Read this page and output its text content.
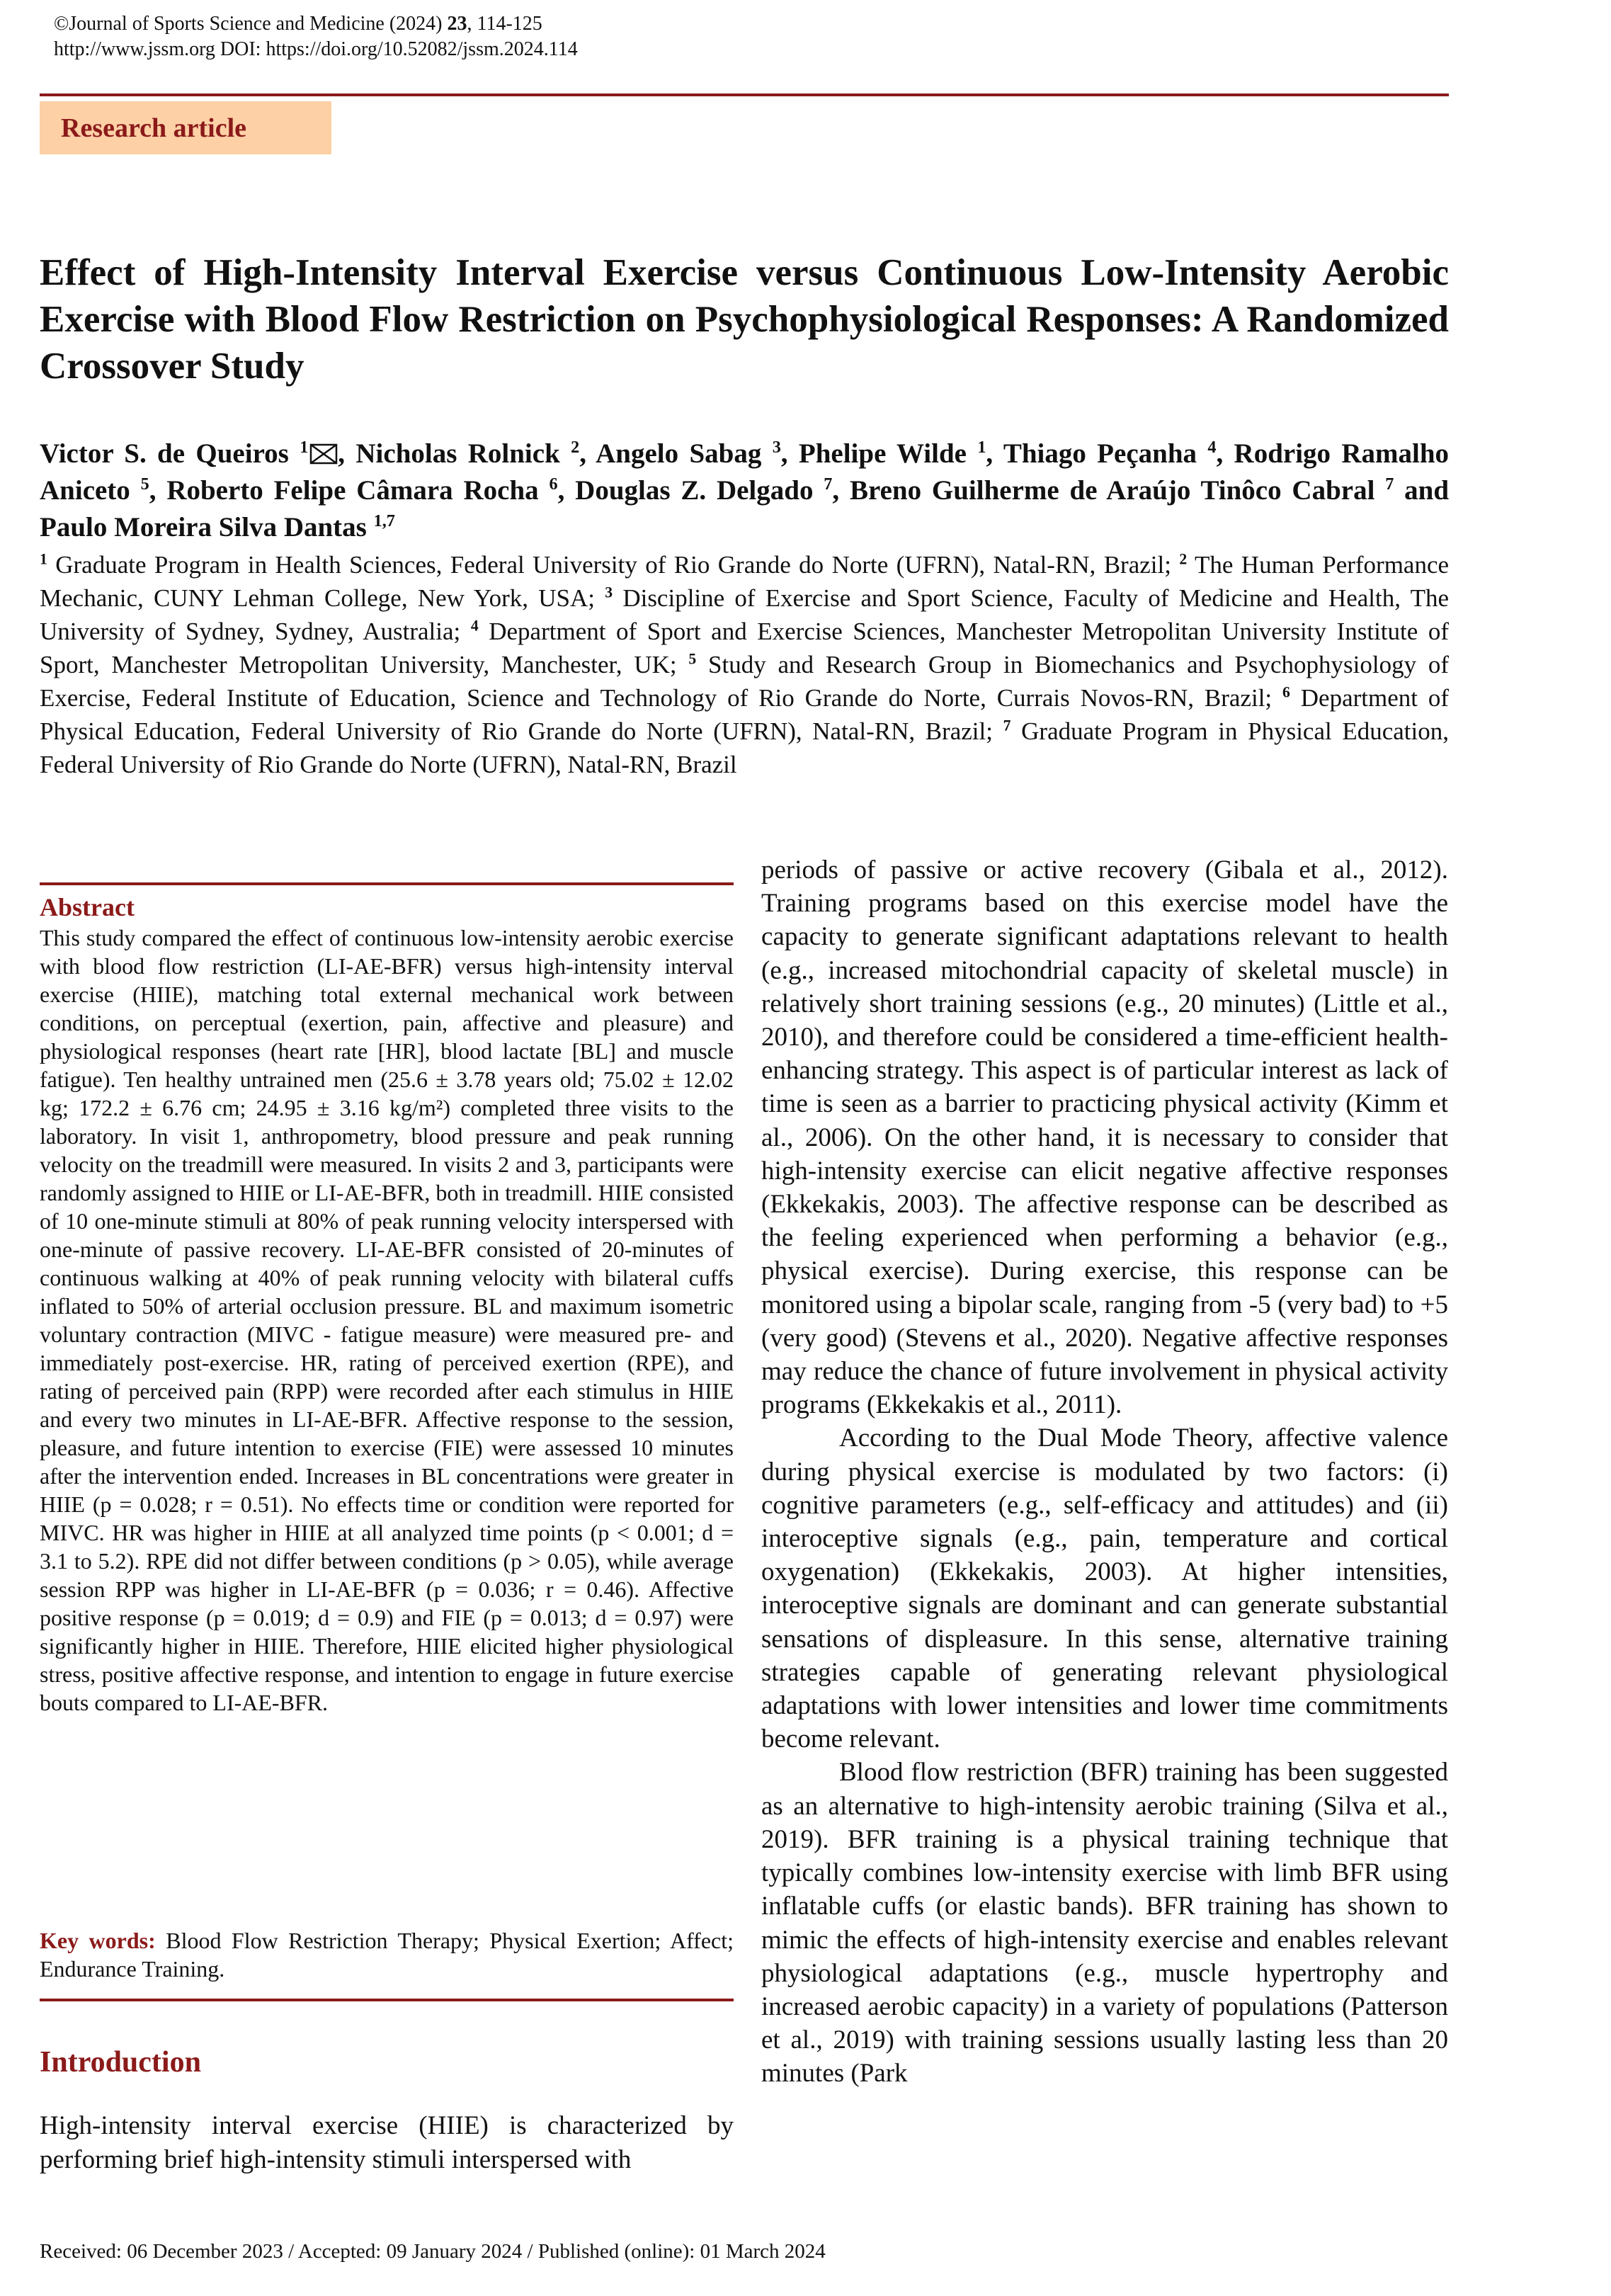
©Journal of Sports Science and Medicine (2024) 23, 114-125
http://www.jssm.org DOI: https://doi.org/10.52082/jssm.2024.114
Research article
Effect of High-Intensity Interval Exercise versus Continuous Low-Intensity Aerobic Exercise with Blood Flow Restriction on Psychophysiological Responses: A Randomized Crossover Study
Victor S. de Queiros $^1$ , Nicholas Rolnick $^2$, Angelo Sabag $^3$, Phelipe Wilde $^1$, Thiago Peçanha $^4$, Rodrigo Ramalho Aniceto $^5$, Roberto Felipe Câmara Rocha $^6$, Douglas Z. Delgado $^7$, Breno Guilherme de Araújo Tinôco Cabral $^7$ and Paulo Moreira Silva Dantas $^{1,7}$
$^1$ Graduate Program in Health Sciences, Federal University of Rio Grande do Norte (UFRN), Natal-RN, Brazil; $^2$ The Human Performance Mechanic, CUNY Lehman College, New York, USA; $^3$ Discipline of Exercise and Sport Science, Faculty of Medicine and Health, The University of Sydney, Sydney, Australia; $^4$ Department of Sport and Exercise Sciences, Manchester Metropolitan University Institute of Sport, Manchester Metropolitan University, Manchester, UK; $^5$ Study and Research Group in Biomechanics and Psychophysiology of Exercise, Federal Institute of Education, Science and Technology of Rio Grande do Norte, Currais Novos-RN, Brazil; $^6$ Department of Physical Education, Federal University of Rio Grande do Norte (UFRN), Natal-RN, Brazil; $^7$ Graduate Program in Physical Education, Federal University of Rio Grande do Norte (UFRN), Natal-RN, Brazil
Abstract
This study compared the effect of continuous low-intensity aerobic exercise with blood flow restriction (LI-AE-BFR) versus high-intensity interval exercise (HIIE), matching total external mechanical work between conditions, on perceptual (exertion, pain, affective and pleasure) and physiological responses (heart rate [HR], blood lactate [BL] and muscle fatigue). Ten healthy untrained men (25.6 ± 3.78 years old; 75.02 ± 12.02 kg; 172.2 ± 6.76 cm; 24.95 ± 3.16 kg/m²) completed three visits to the laboratory. In visit 1, anthropometry, blood pressure and peak running velocity on the treadmill were measured. In visits 2 and 3, participants were randomly assigned to HIIE or LI-AE-BFR, both in treadmill. HIIE consisted of 10 one-minute stimuli at 80% of peak running velocity interspersed with one-minute of passive recovery. LI-AE-BFR consisted of 20-minutes of continuous walking at 40% of peak running velocity with bilateral cuffs inflated to 50% of arterial occlusion pressure. BL and maximum isometric voluntary contraction (MIVC - fatigue measure) were measured pre- and immediately post-exercise. HR, rating of perceived exertion (RPE), and rating of perceived pain (RPP) were recorded after each stimulus in HIIE and every two minutes in LI-AE-BFR. Affective response to the session, pleasure, and future intention to exercise (FIE) were assessed 10 minutes after the intervention ended. Increases in BL concentrations were greater in HIIE (p = 0.028; r = 0.51). No effects time or condition were reported for MIVC. HR was higher in HIIE at all analyzed time points (p < 0.001; d = 3.1 to 5.2). RPE did not differ between conditions (p > 0.05), while average session RPP was higher in LI-AE-BFR (p = 0.036; r = 0.46). Affective positive response (p = 0.019; d = 0.9) and FIE (p = 0.013; d = 0.97) were significantly higher in HIIE. Therefore, HIIE elicited higher physiological stress, positive affective response, and intention to engage in future exercise bouts compared to LI-AE-BFR.
Key words: Blood Flow Restriction Therapy; Physical Exertion; Affect; Endurance Training.
Introduction
High-intensity interval exercise (HIIE) is characterized by performing brief high-intensity stimuli interspersed with

periods of passive or active recovery (Gibala et al., 2012). Training programs based on this exercise model have the capacity to generate significant adaptations relevant to health (e.g., increased mitochondrial capacity of skeletal muscle) in relatively short training sessions (e.g., 20 minutes) (Little et al., 2010), and therefore could be considered a time-efficient health-enhancing strategy. This aspect is of particular interest as lack of time is seen as a barrier to practicing physical activity (Kimm et al., 2006). On the other hand, it is necessary to consider that high-intensity exercise can elicit negative affective responses (Ekkekakis, 2003). The affective response can be described as the feeling experienced when performing a behavior (e.g., physical exercise). During exercise, this response can be monitored using a bipolar scale, ranging from -5 (very bad) to +5 (very good) (Stevens et al., 2020). Negative affective responses may reduce the chance of future involvement in physical activity programs (Ekkekakis et al., 2011).

According to the Dual Mode Theory, affective valence during physical exercise is modulated by two factors: (i) cognitive parameters (e.g., self-efficacy and attitudes) and (ii) interoceptive signals (e.g., pain, temperature and cortical oxygenation) (Ekkekakis, 2003). At higher intensities, interoceptive signals are dominant and can generate substantial sensations of displeasure. In this sense, alternative training strategies capable of generating relevant physiological adaptations with lower intensities and lower time commitments become relevant.

Blood flow restriction (BFR) training has been suggested as an alternative to high-intensity aerobic training (Silva et al., 2019). BFR training is a physical training technique that typically combines low-intensity exercise with limb BFR using inflatable cuffs (or elastic bands). BFR training has shown to mimic the effects of high-intensity exercise and enables relevant physiological adaptations (e.g., muscle hypertrophy and increased aerobic capacity) in a variety of populations (Patterson et al., 2019) with training sessions usually lasting less than 20 minutes (Park

Received: 06 December 2023 / Accepted: 09 January 2024 / Published (online): 01 March 2024
